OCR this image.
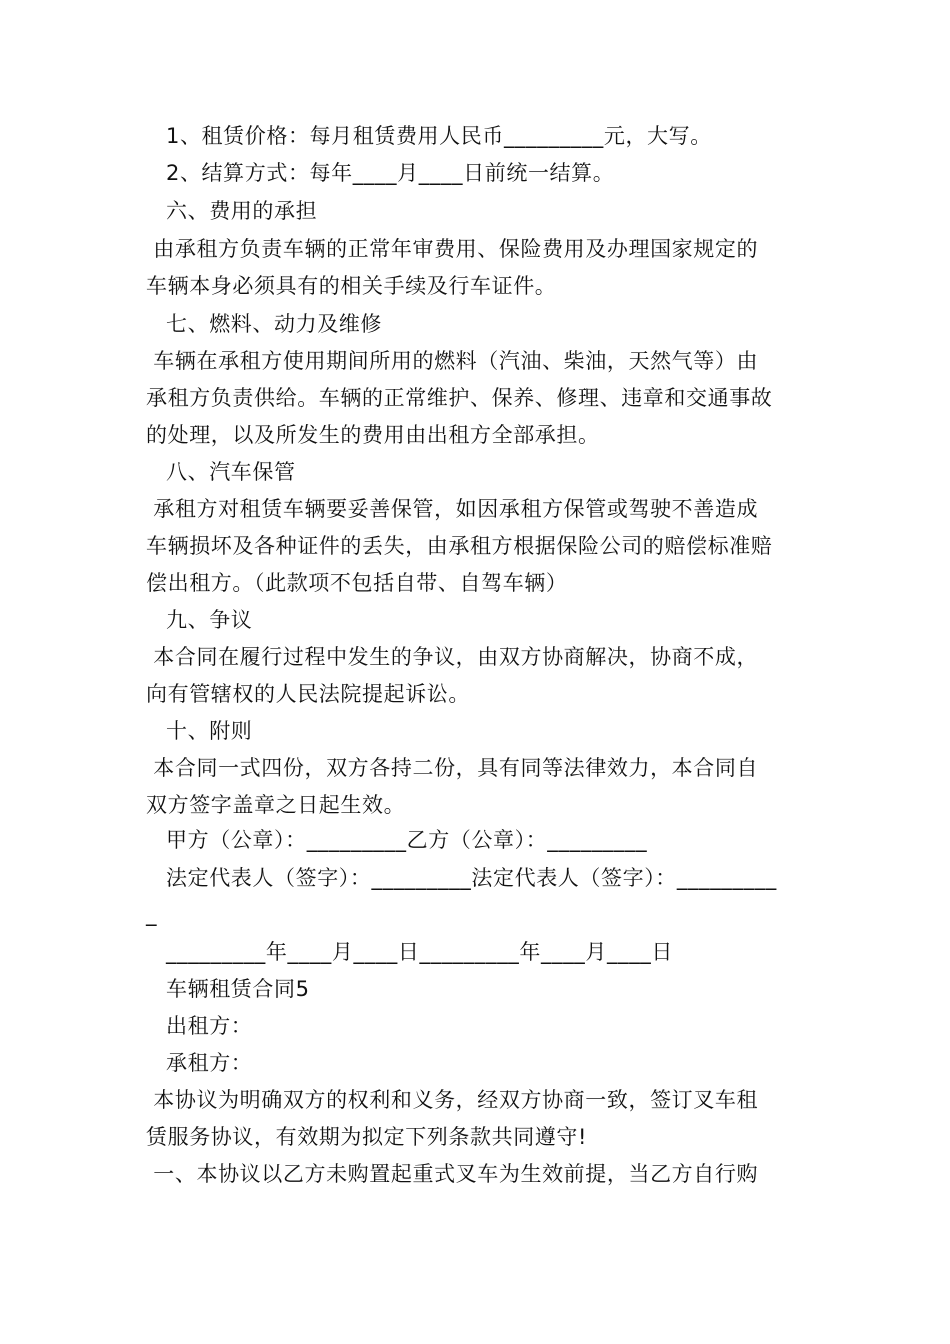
1、租赁价格：每月租赁费用人民币_________元，大写。
2、结算方式：每年____月____日前统一结算。
六、费用的承担
由承租方负责车辆的正常年审费用、保险费用及办理国家规定的
车辆本身必须具有的相关手续及行车证件。
七、燃料、动力及维修
车辆在承租方使用期间所用的燃料（汽油、柴油，天然气等）由
承租方负责供给。车辆的正常维护、保养、修理、违章和交通事故
的处理，以及所发生的费用由出租方全部承担。
八、汽车保管
承租方对租赁车辆要妥善保管，如因承租方保管或驾驶不善造成
车辆损坏及各种证件的丢失，由承租方根据保险公司的赔偿标准赔
偿出租方。（此款项不包括自带、自驾车辆）
九、争议
本合同在履行过程中发生的争议，由双方协商解决，协商不成，
向有管辖权的人民法院提起诉讼。
十、附则
本合同一式四份，双方各持二份，具有同等法律效力，本合同自
双方签字盖章之日起生效。
甲方（公章）：_________乙方（公章）：_________
法定代表人（签字）：_________法定代表人（签字）：_________
_
_________年____月____日_________年____月____日
车辆租赁合同5
出租方：
承租方：
本协议为明确双方的权利和义务，经双方协商一致，签订叉车租
赁服务协议，有效期为拟定下列条款共同遵守!
一、本协议以乙方未购置起重式叉车为生效前提，当乙方自行购
